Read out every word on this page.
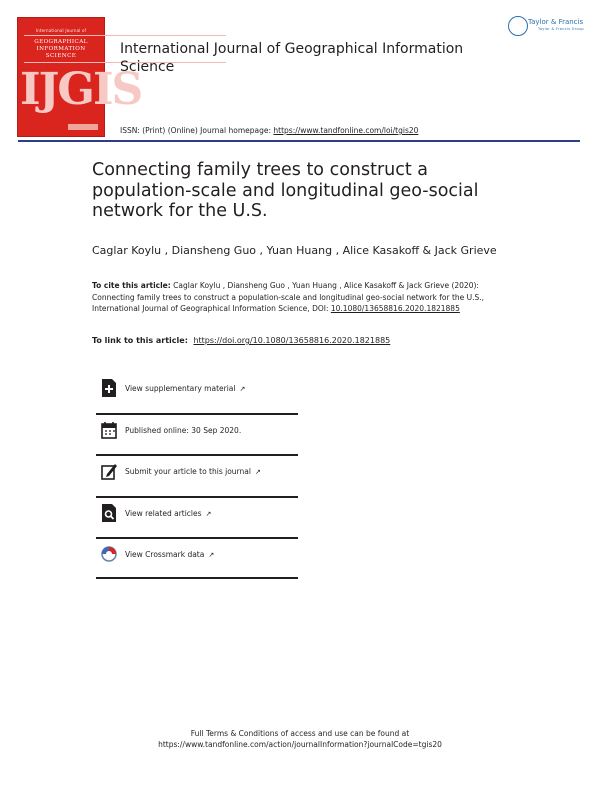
International Journal of
GEOGRAPHICAL
INFORMATION
SCIENCE
IJGIS
Taylor & Francis
Taylor & Francis Group
International Journal of Geographical Information Science
ISSN: (Print) (Online) Journal homepage: https://www.tandfonline.com/loi/tgis20
Connecting family trees to construct a population-scale and longitudinal geo-social network for the U.S.
Caglar Koylu , Diansheng Guo , Yuan Huang , Alice Kasakoff & Jack Grieve
To cite this article: Caglar Koylu , Diansheng Guo , Yuan Huang , Alice Kasakoff & Jack Grieve (2020): Connecting family trees to construct a population-scale and longitudinal geo-social network for the U.S., International Journal of Geographical Information Science, DOI: 10.1080/13658816.2020.1821885
To link to this article: https://doi.org/10.1080/13658816.2020.1821885
View supplementary material ↗
Published online: 30 Sep 2020.
Submit your article to this journal ↗
View related articles ↗
View Crossmark data ↗
Full Terms & Conditions of access and use can be found at
https://www.tandfonline.com/action/journalInformation?journalCode=tgis20
